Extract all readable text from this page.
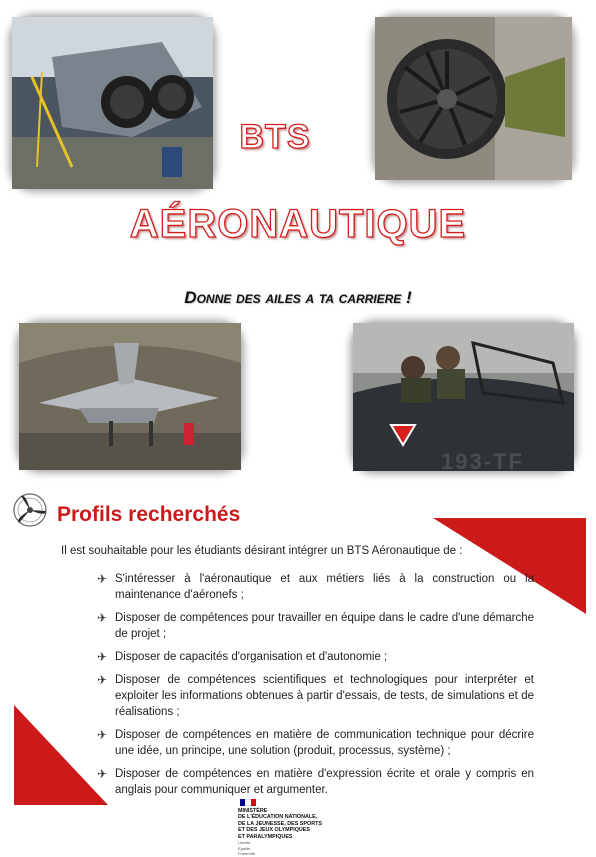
BTS
AÉRONAUTIQUE
Donne des ailes a ta carriere !
193-TF
Profils recherchés
Il est souhaitable pour les étudiants désirant intégrer un BTS Aéronautique de :
✈ S'intéresser à l'aéronautique et aux métiers liés à la construction ou la maintenance d'aéronefs ;
✈ Disposer de compétences pour travailler en équipe dans le cadre d'une démarche de projet ;
✈ Disposer de capacités d'organisation et d'autonomie ;
✈ Disposer de compétences scientifiques et technologiques pour interpréter et exploiter les informations obtenues à partir d'essais, de tests, de simulations et de réalisations ;
✈ Disposer de compétences en matière de communication technique pour décrire une idée, un principe, une solution (produit, processus, système) ;
✈ Disposer de compétences en matière d'expression écrite et orale y compris en anglais pour communiquer et argumenter.
MINISTÈRE
DE L'ÉDUCATION NATIONALE,
DE LA JEUNESSE, DES SPORTS
ET DES JEUX OLYMPIQUES
ET PARALYMPIQUES
Liberté
Égalité
Fraternité
